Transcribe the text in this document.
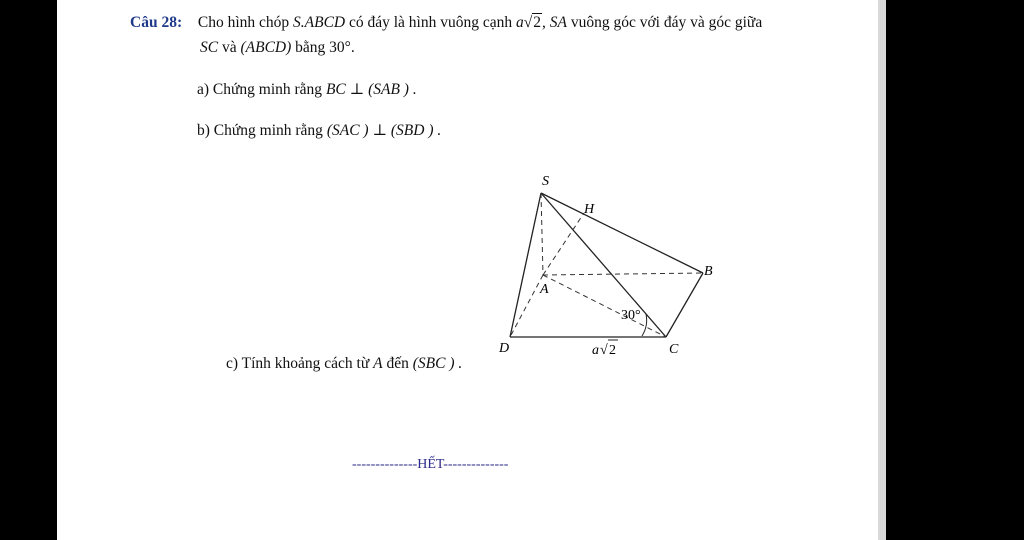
Câu 28: Cho hình chóp S.ABCD có đáy là hình vuông cạnh a√2, SA vuông góc với đáy và góc giữa
SC và (ABCD) bằng 30°.
a) Chứng minh rằng BC ⊥ (SAB ) .
b) Chứng minh rằng (SAC ) ⊥ (SBD ) .
c) Tính khoảng cách từ A đến (SBC ) .
S
H
A
B
C
D
30°
a √ 2
--------------HẾT--------------
